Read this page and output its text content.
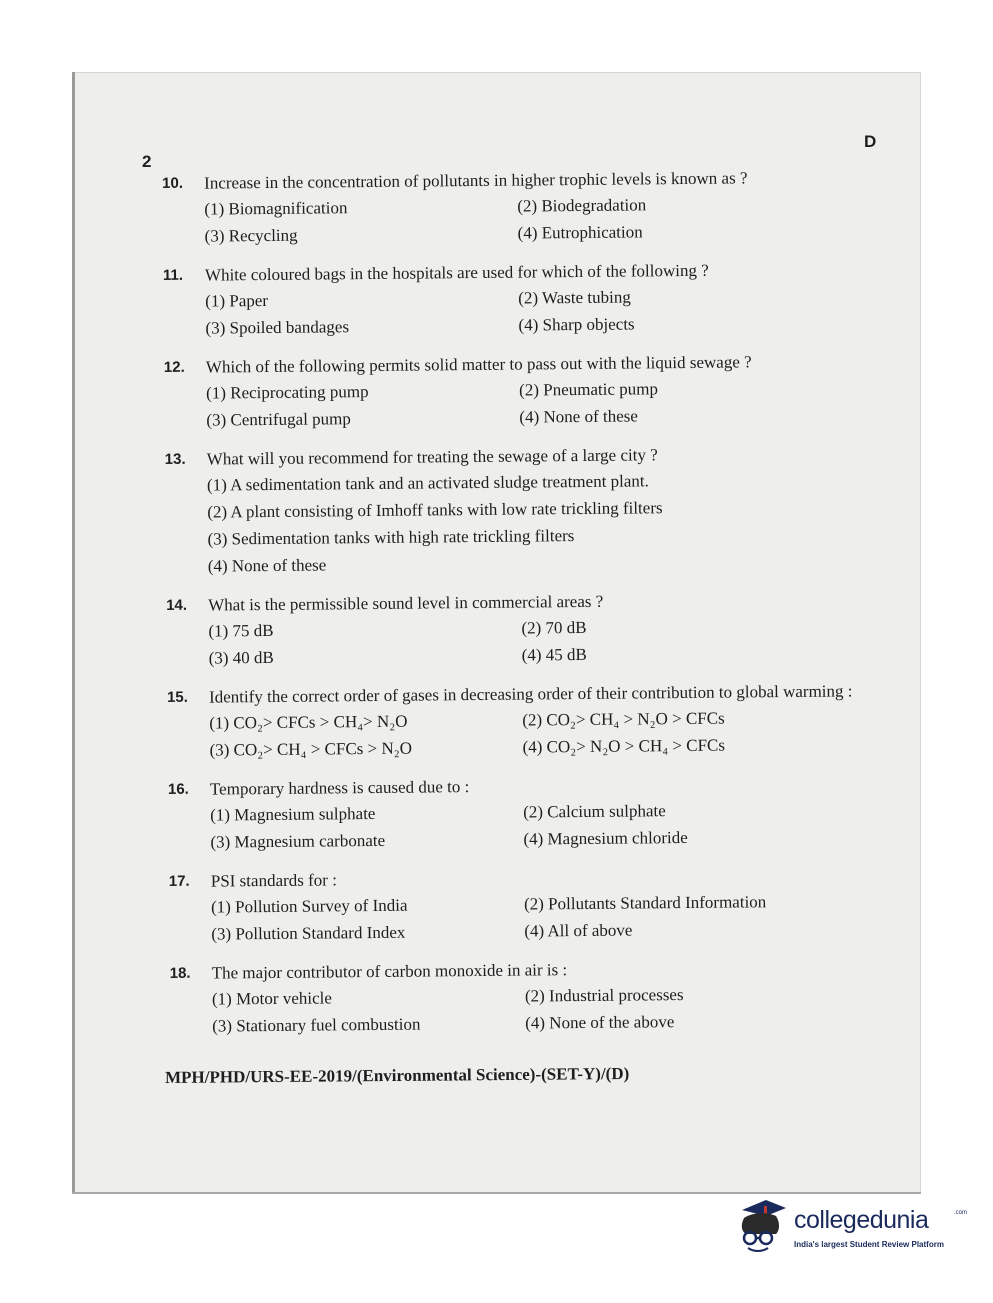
2
D
10.	Increase in the concentration of pollutants in higher trophic levels is known as ?
(1) Biomagnification	(2) Biodegradation
(3) Recycling	(4) Eutrophication
11.	White coloured bags in the hospitals are used for which of the following ?
(1) Paper	(2) Waste tubing
(3) Spoiled bandages	(4) Sharp objects
12.	Which of the following permits solid matter to pass out with the liquid sewage ?
(1) Reciprocating pump	(2) Pneumatic pump
(3) Centrifugal pump	(4) None of these
13.	What will you recommend for treating the sewage of a large city ?
(1) A sedimentation tank and an activated sludge treatment plant.
(2) A plant consisting of Imhoff tanks with low rate trickling filters
(3) Sedimentation tanks with high rate trickling filters
(4) None of these
14.	What is the permissible sound level in commercial areas ?
(1) 75 dB	(2) 70 dB
(3) 40 dB	(4) 45 dB
15.	Identify the correct order of gases in decreasing order of their contribution to global warming :
(1) CO₂> CFCs > CH₄> N₂O	(2) CO₂> CH₄ > N₂O > CFCs
(3) CO₂> CH₄ > CFCs > N₂O	(4) CO₂> N₂O > CH₄ > CFCs
16.	Temporary hardness is caused due to :
(1) Magnesium sulphate	(2) Calcium sulphate
(3) Magnesium carbonate	(4) Magnesium chloride
17.	PSI standards for :
(1) Pollution Survey of India	(2) Pollutants Standard Information
(3) Pollution Standard Index	(4) All of above
18.	The major contributor of carbon monoxide in air is :
(1) Motor vehicle	(2) Industrial processes
(3) Stationary fuel combustion	(4) None of the above
MPH/PHD/URS-EE-2019/(Environmental Science)-(SET-Y)/(D)
collegedunia	.com
India's largest Student Review Platform
